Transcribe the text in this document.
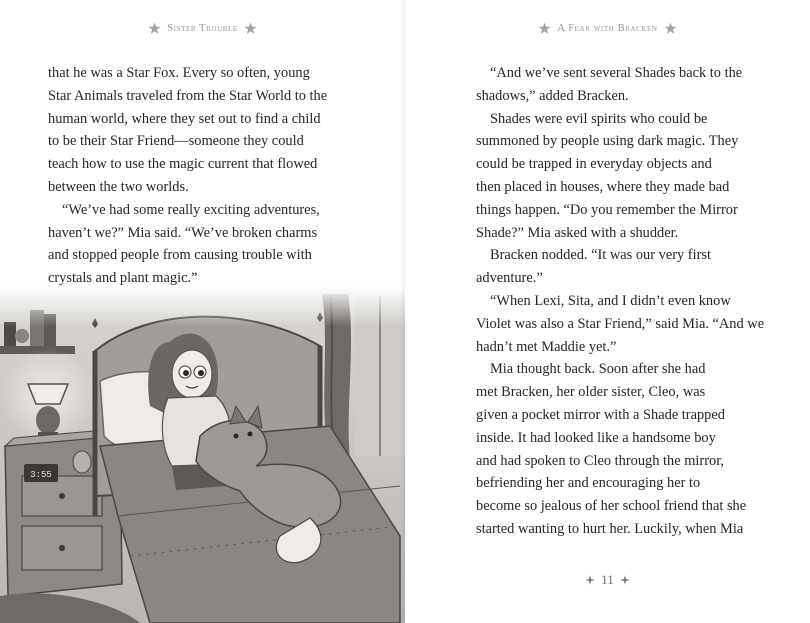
Sister Trouble
that he was a Star Fox. Every so often, young
Star Animals traveled from the Star World to the
human world, where they set out to find a child
to be their Star Friend—someone they could
teach how to use the magic current that flowed
between the two worlds.
“We’ve had some really exciting adventures,
haven’t we?” Mia said. “We’ve broken charms
and stopped people from causing trouble with
crystals and plant magic.”
A Fear with Bracken
11
“And we’ve sent several Shades back to the
shadows,” added Bracken.
Shades were evil spirits who could be
summoned by people using dark magic. They
could be trapped in everyday objects and
then placed in houses, where they made bad
things happen. “Do you remember the Mirror
Shade?” Mia asked with a shudder.
Bracken nodded. “It was our very first
adventure.”
“When Lexi, Sita, and I didn’t even know
Violet was also a Star Friend,” said Mia. “And we
hadn’t met Maddie yet.”
Mia thought back. Soon after she had
met Bracken, her older sister, Cleo, was
given a pocket mirror with a Shade trapped
inside. It had looked like a handsome boy
and had spoken to Cleo through the mirror,
befriending her and encouraging her to
become so jealous of her school friend that she
started wanting to hurt her. Luckily, when Mia
